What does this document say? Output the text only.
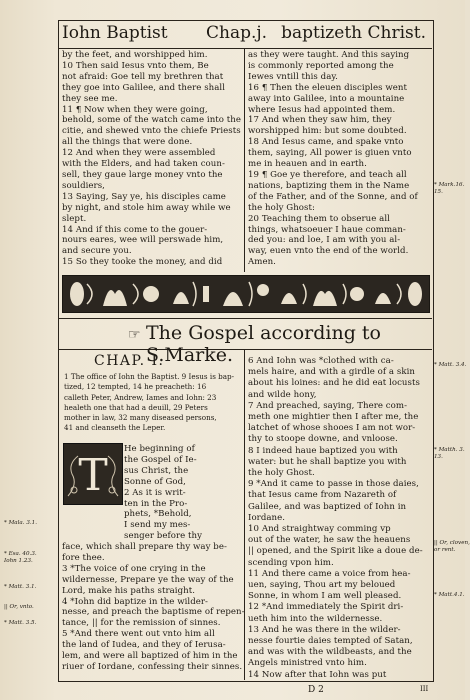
Iohn Baptist Chap.j. baptizeth Christ.

by the feet, and worshipped him.

10 Then said Iesus vnto them, Be

not afraid: Goe tell my brethren that

they goe into Galilee, and there shall

they see me.

11 ¶ Now when they were going,

behold, some of the watch came into the

citie, and shewed vnto the chiefe Priests

all the things that were done.

12 And when they were assembled

with the Elders, and had taken coun-

sell, they gaue large money vnto the

souldiers,

13 Saying, Say ye, his disciples came

by night, and stole him away while we

slept.

14 And if this come to the gouer-

nours eares, wee will perswade him,

and secure you.

15 So they tooke the money, and did

as they were taught. And this saying

is commonly reported among the

Iewes vntill this day.

16 ¶ Then the eleuen disciples went

away into Galilee, into a mountaine

where Iesus had appointed them.

17 And when they saw him, they

worshipped him: but some doubted.

18 And Iesus came, and spake vnto

them, saying, All power is giuen vnto

me in heauen and in earth.

19 ¶ Goe ye therefore, and teach all

nations, baptizing them in the Name

of the Father, and of the Sonne, and of

the holy Ghost:

20 Teaching them to obserue all

things, whatsoeuer I haue comman-

ded you: and loe, I am with you al-

way, euen vnto the end of the world.

Amen.

* Mark.16.
15.
☞ The Gospel according to S.Marke.
CHAP. I.

1 The office of Iohn the Baptist. 9 Iesus is bap-

tized, 12 tempted, 14 he preacheth: 16

calleth Peter, Andrew, Iames and Iohn: 23

healeth one that had a deuill, 29 Peters

mother in law, 32 many diseased persons,

41 and cleanseth the Leper.

T

He beginning of

the Gospel of Ie-

sus Christ, the

Sonne of God,

2 As it is writ-

ten in the Pro-

phets, *Behold,

I send my mes-

senger before thy

face, which shall prepare thy way be-

fore thee.

3 *The voice of one crying in the

wildernesse, Prepare ye the way of the

Lord, make his paths straight.

4 *Iohn did baptize in the wilder-

nesse, and preach the baptisme of repen-

tance, || for the remission of sinnes.

5 *And there went out vnto him all

the land of Iudea, and they of Ierusa-

lem, and were all baptized of him in the

riuer of Iordane, confessing their sinnes.

6 And Iohn was *clothed with ca-

mels haire, and with a girdle of a skin

about his loines: and he did eat locusts

and wilde hony,

7 And preached, saying, There com-

meth one mightier then I after me, the

latchet of whose shooes I am not wor-

thy to stoope downe, and vnloose.

8 I indeed haue baptized you with

water: but he shall baptize you with

the holy Ghost.

9 *And it came to passe in those daies,

that Iesus came from Nazareth of

Galilee, and was baptized of Iohn in

Iordane.

10 And straightway comming vp

out of the water, he saw the heauens

|| opened, and the Spirit like a doue de-

scending vpon him.

11 And there came a voice from hea-

uen, saying, Thou art my beloued

Sonne, in whom I am well pleased.

12 *And immediately the Spirit dri-

ueth him into the wildernesse.

13 And he was there in the wilder-

nesse fourtie daies tempted of Satan,

and was with the wildbeasts, and the

Angels ministred vnto him.

14 Now after that Iohn was put

* Mala. 3.1.
* Esa. 40.3.
Iohn 1.23.
* Matt. 3.1.
|| Or, vnto.
* Matt. 3.5.
* Matt. 3.4.
* Matth. 3.
13.
|| Or, cloven,
or rent.
* Matt.4.1.
D 2	III
